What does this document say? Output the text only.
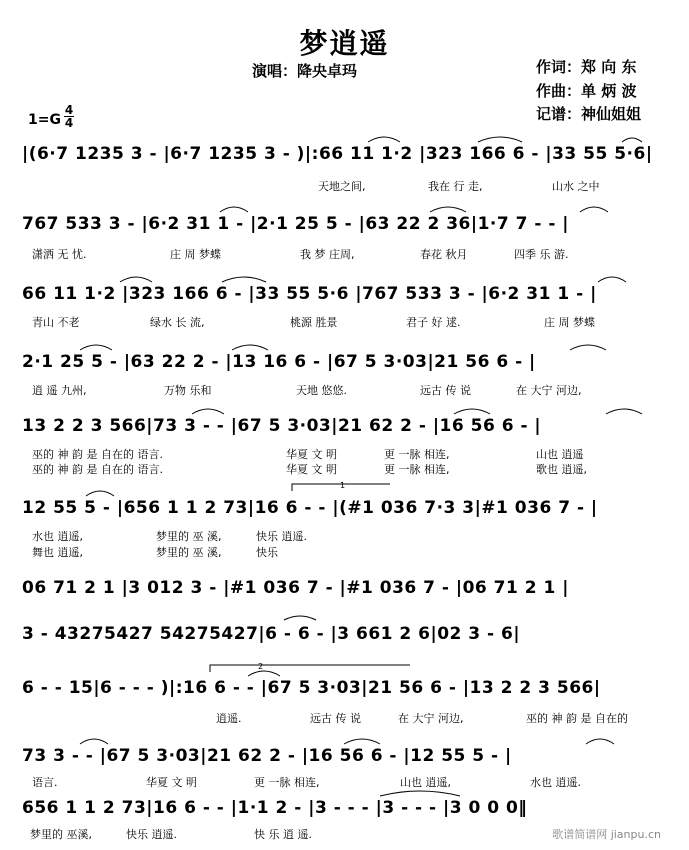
梦逍遥
演唱：降央卓玛	作词：郑 向 东
作曲：单 炳 波
记谱：神仙姐姐
1=G
4
4
|(6·7 1235 3 - |6·7 1235 3 - )|:66 11 1·2 |323 166 6 - |33 55 5·6|
天地之间,	我在 行 走,	山水 之中
767 533 3 - |6·2 31 1 - |2·1 25 5 - |63 22 2 36|1·7 7 - - |
潇洒 无 忧.	庄 周 梦蝶	我 梦 庄周,	春花 秋月	四季 乐 游.
66 11 1·2 |323 166 6 - |33 55 5·6 |767 533 3 - |6·2 31 1 - |
青山 不老	绿水 长 流,	桃源 胜景	君子 好 逑.	庄 周 梦蝶
2·1 25 5 - |63 22 2 - |13 16 6 - |67 5 3·03|21 56 6 - |
逍 遥 九州,	万物 乐和	天地 悠悠.	远古 传 说	在 大宁 河边,
13 2 2 3 566|73 3 - - |67 5 3·03|21 62 2 - |16 56 6 - |
巫的 神 韵 是 自在的 语言.	华夏 文 明	更 一脉 相连,	山也 逍遥
巫的 神 韵 是 自在的 语言.	华夏 文 明	更 一脉 相连,	歌也 逍遥,
12 55 5 - |656 1 1 2 73|16 6 - - |(#1 036 7·3 3|#1 036 7 - |
水也 逍遥,	梦里的 巫 溪,	快乐 逍遥.
舞也 逍遥,	梦里的 巫 溪,	快乐
06 71 2 1 |3 012 3 - |#1 036 7 - |#1 036 7 - |06 71 2 1 |
3 - 43275427 54275427|6 - 6 - |3 661 2 6|02 3 - 6|
6 - - 15|6 - - - )|:16 6 - - |67 5 3·03|21 56 6 - |13 2 2 3 566|
逍遥.	远古 传 说	在 大宁 河边,	巫的 神 韵 是 自在的
73 3 - - |67 5 3·03|21 62 2 - |16 56 6 - |12 55 5 - |
语言.	华夏 文 明	更 一脉 相连,	山也 逍遥,	水也 逍遥.
656 1 1 2 73|16 6 - - |1·1 2 - |3 - - - |3 - - - |3 0 0 0‖
梦里的 巫溪,	快乐 逍遥.	快 乐 逍 遥.
1
2
歌谱简谱网 jianpu.cn
